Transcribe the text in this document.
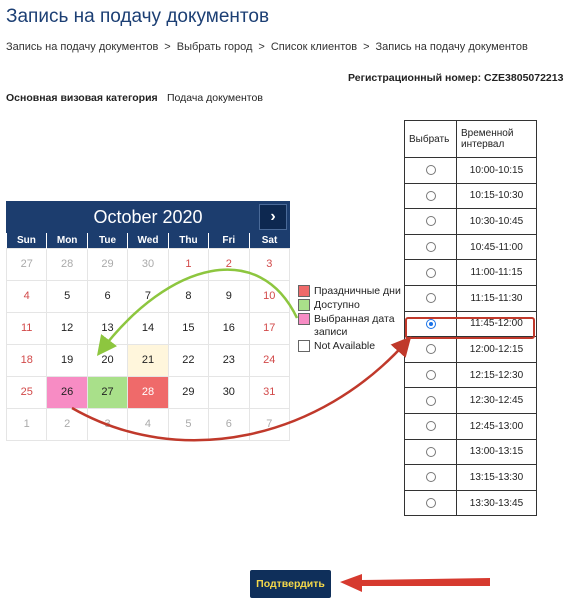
Запись на подачу документов
Запись на подачу документов > Выбрать город > Список клиентов > Запись на подачу документов
Регистрационный номер: CZE3805072213
Основная визовая категория Подача документов
October 2020	›
Sun	Mon	Tue	Wed	Thu	Fri	Sat
27	28	29	30	1	2	3
4	5	6	7	8	9	10
11	12	13	14	15	16	17
18	19	20	21	22	23	24
25	26	27	28	29	30	31
1	2	3	4	5	6	7
Праздничные дни
Доступно
Выбранная дата записи
Not Available
Выбрать	Временной интервал
	10:00-10:15
	10:15-10:30
	10:30-10:45
	10:45-11:00
	11:00-11:15
	11:15-11:30
	11:45-12:00
	12:00-12:15
	12:15-12:30
	12:30-12:45
	12:45-13:00
	13:00-13:15
	13:15-13:30
	13:30-13:45
Подтвердить
